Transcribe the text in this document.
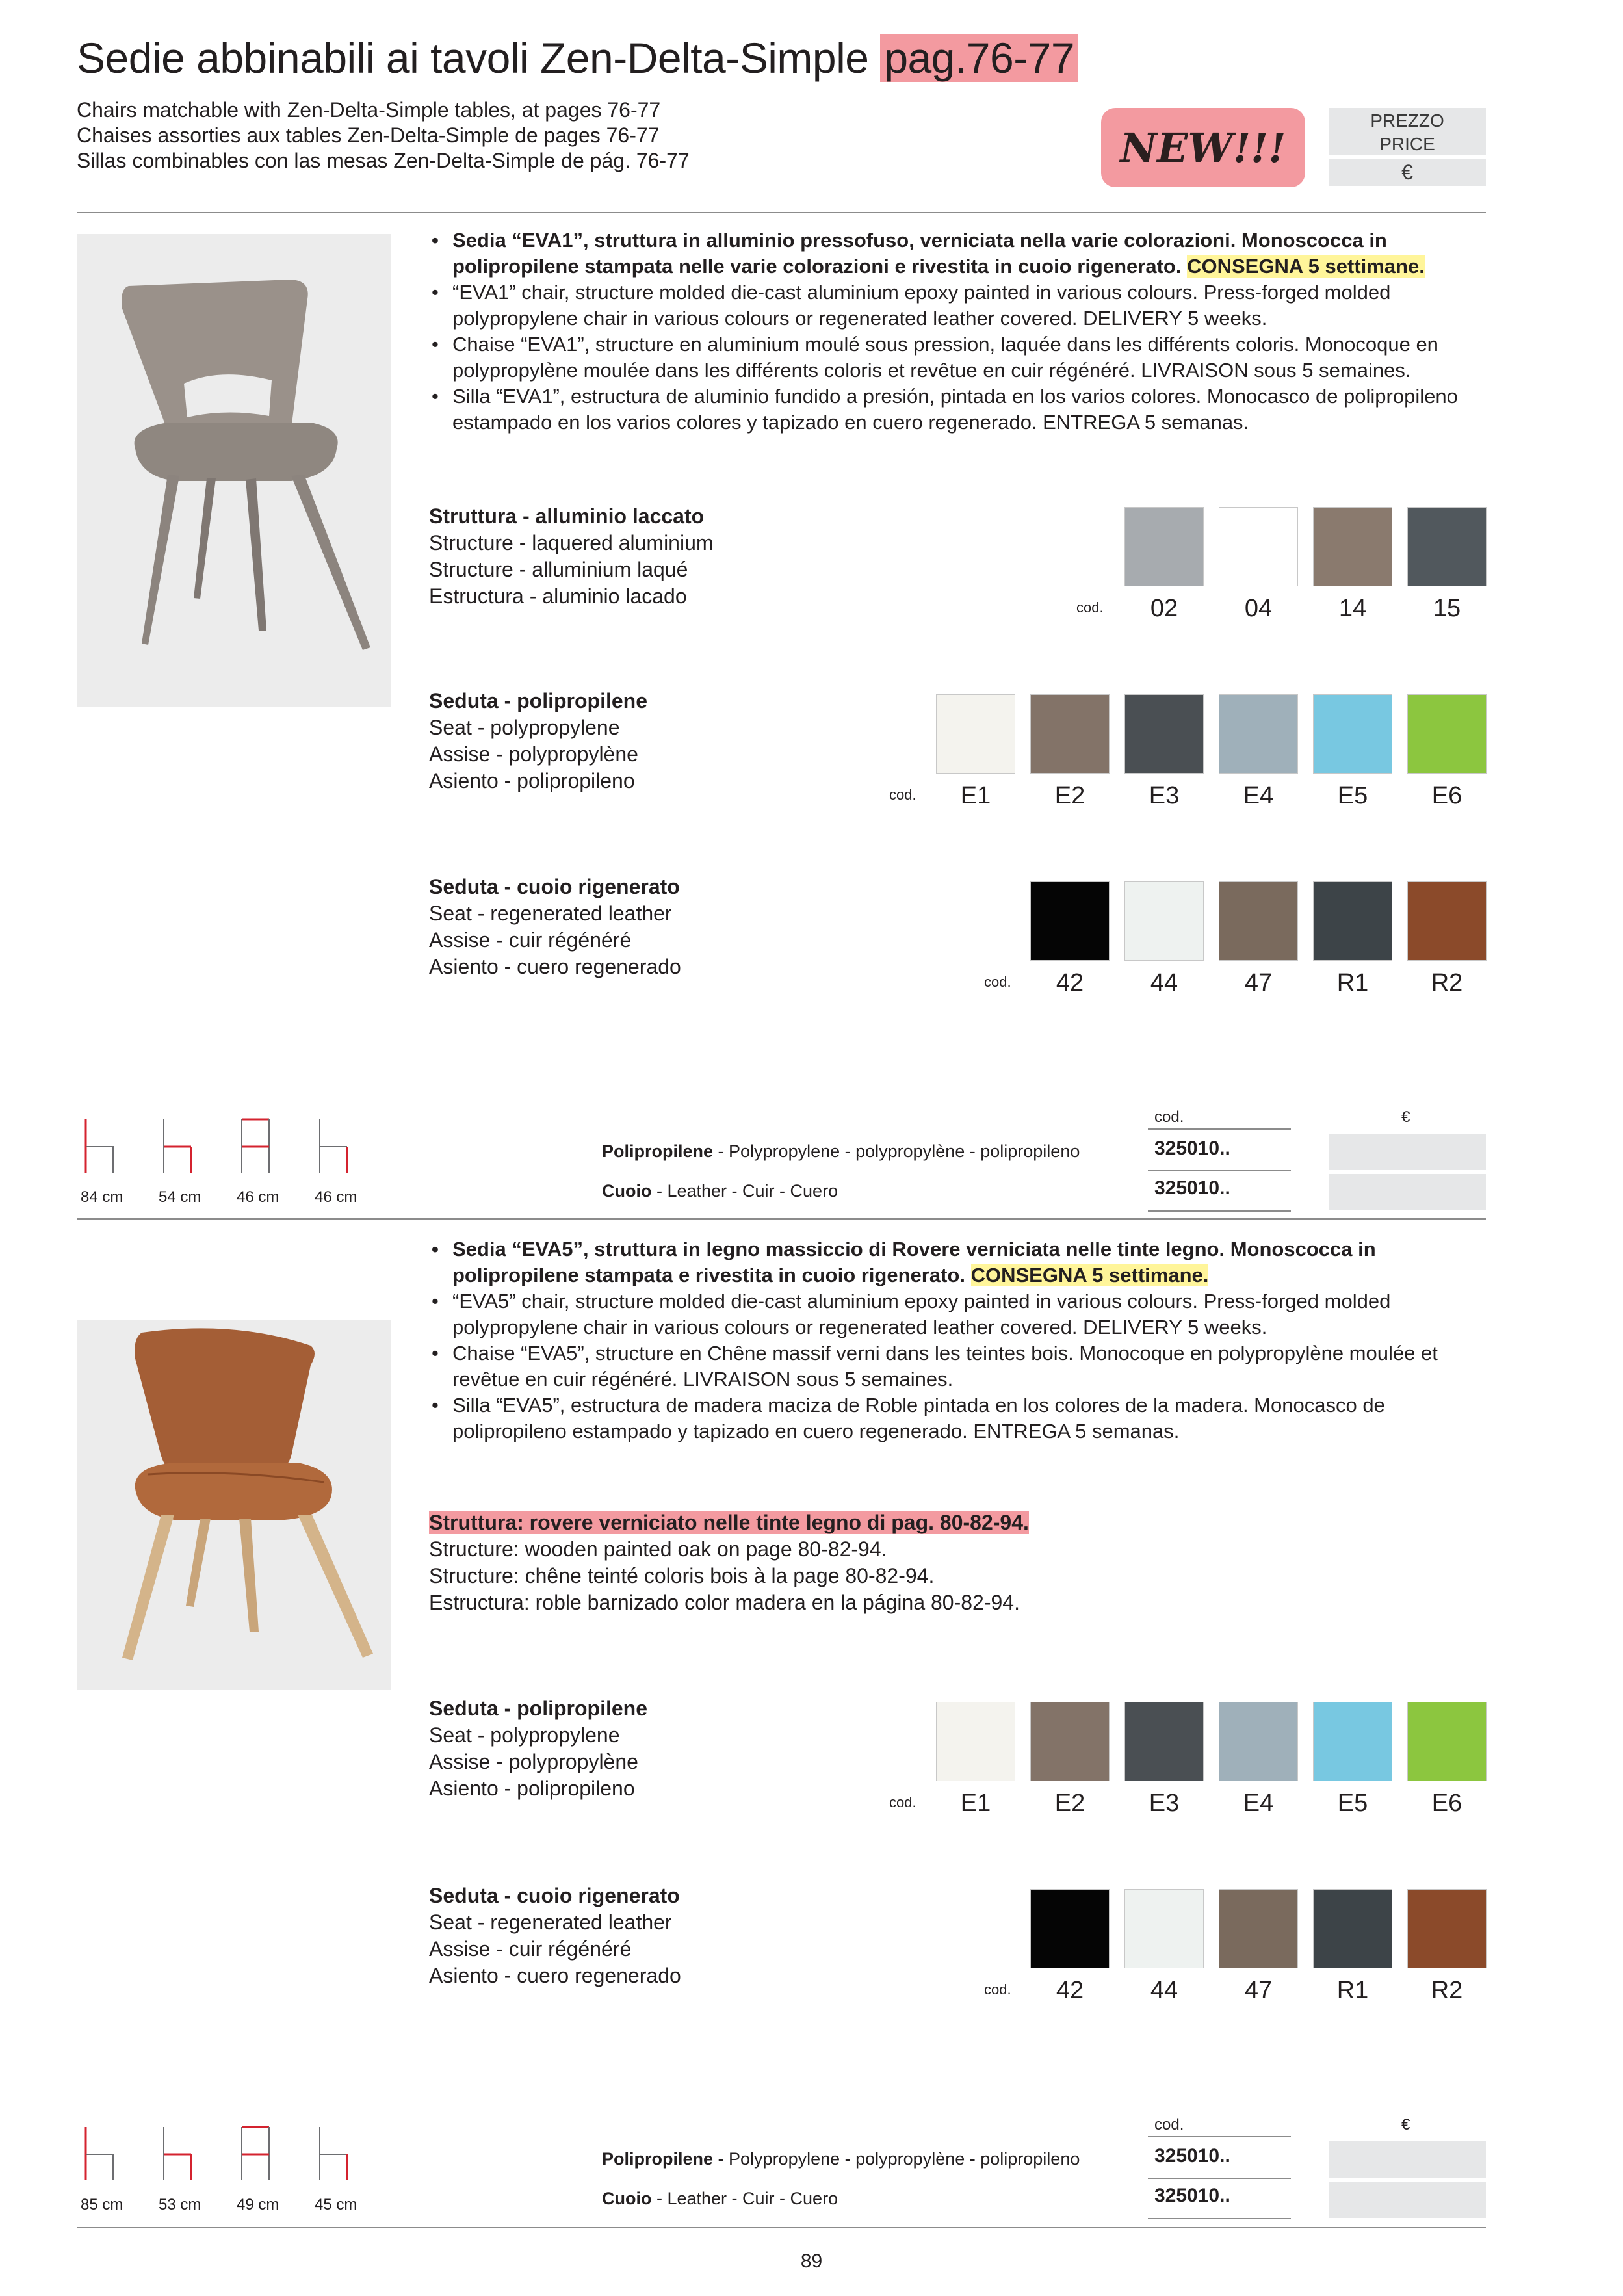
Sedie abbinabili ai tavoli Zen-Delta-Simple pag.76-77
Chairs matchable with Zen-Delta-Simple tables, at pages 76-77
Chaises assorties aux tables Zen-Delta-Simple de pages 76-77
Sillas combinables con las mesas Zen-Delta-Simple de pág. 76-77	NEW!!!
PREZZO
PRICE
€
• Sedia “EVA1”, struttura in alluminio pressofuso, verniciata nella varie colorazioni. Monoscocca in polipropilene stampata nelle varie colorazioni e rivestita in cuoio rigenerato. CONSEGNA 5 settimane.
• “EVA1” chair, structure molded die-cast aluminium epoxy painted in various colours. Press-forged molded polypropylene chair in various colours or regenerated leather covered. DELIVERY 5 weeks.
• Chaise “EVA1”, structure en aluminium moulé sous pression, laquée dans les différents coloris. Monocoque en polypropylène moulée dans les différents coloris et revêtue en cuir régénéré. LIVRAISON sous 5 semaines.
• Silla “EVA1”, estructura de aluminio fundido a presión, pintada en los varios colores. Monocasco de polipropileno estampado en los varios colores y tapizado en cuero regenerado. ENTREGA 5 semanas.
Struttura - alluminio laccato
Structure - laquered aluminium
Structure - alluminium laqué
Estructura - aluminio lacado	cod.	02	04	14	15
Seduta - polipropilene
Seat - polypropylene
Assise - polypropylène
Asiento - polipropileno
cod.	E1	E2	E3	E4	E5	E6
Seduta - cuoio rigenerato
Seat - regenerated leather
Assise - cuir régénéré
Asiento - cuero regenerado
cod.	42	44	47	R1	R2
84 cm 54 cm 46 cm 46 cm
cod.	€
Polipropilene - Polypropylene - polypropylène - polipropileno	325010..
Cuoio - Leather - Cuir - Cuero	325010..
• Sedia “EVA5”, struttura in legno massiccio di Rovere verniciata nelle tinte legno. Monoscocca in polipropilene stampata e rivestita in cuoio rigenerato. CONSEGNA 5 settimane.
• “EVA5” chair, structure molded die-cast aluminium epoxy painted in various colours. Press-forged molded polypropylene chair in various colours or regenerated leather covered. DELIVERY 5 weeks.
• Chaise “EVA5”, structure en Chêne massif verni dans les teintes bois. Monocoque en polypropylène moulée et revêtue en cuir régénéré. LIVRAISON sous 5 semaines.
• Silla “EVA5”, estructura de madera maciza de Roble pintada en los colores de la madera. Monocasco de polipropileno estampado y tapizado en cuero regenerado. ENTREGA 5 semanas.
Struttura: rovere verniciato nelle tinte legno di pag. 80-82-94.
Structure: wooden painted oak on page 80-82-94.
Structure: chêne teinté coloris bois à la page 80-82-94.
Estructura: roble barnizado color madera en la página 80-82-94.
Seduta - polipropilene
Seat - polypropylene
Assise - polypropylène
Asiento - polipropileno
cod.	E1	E2	E3	E4	E5	E6
Seduta - cuoio rigenerato
Seat - regenerated leather
Assise - cuir régénéré
Asiento - cuero regenerado
cod.	42	44	47	R1	R2
85 cm 53 cm 49 cm 45 cm
cod.	€
Polipropilene - Polypropylene - polypropylène - polipropileno	325010..
Cuoio - Leather - Cuir - Cuero	325010..
89
